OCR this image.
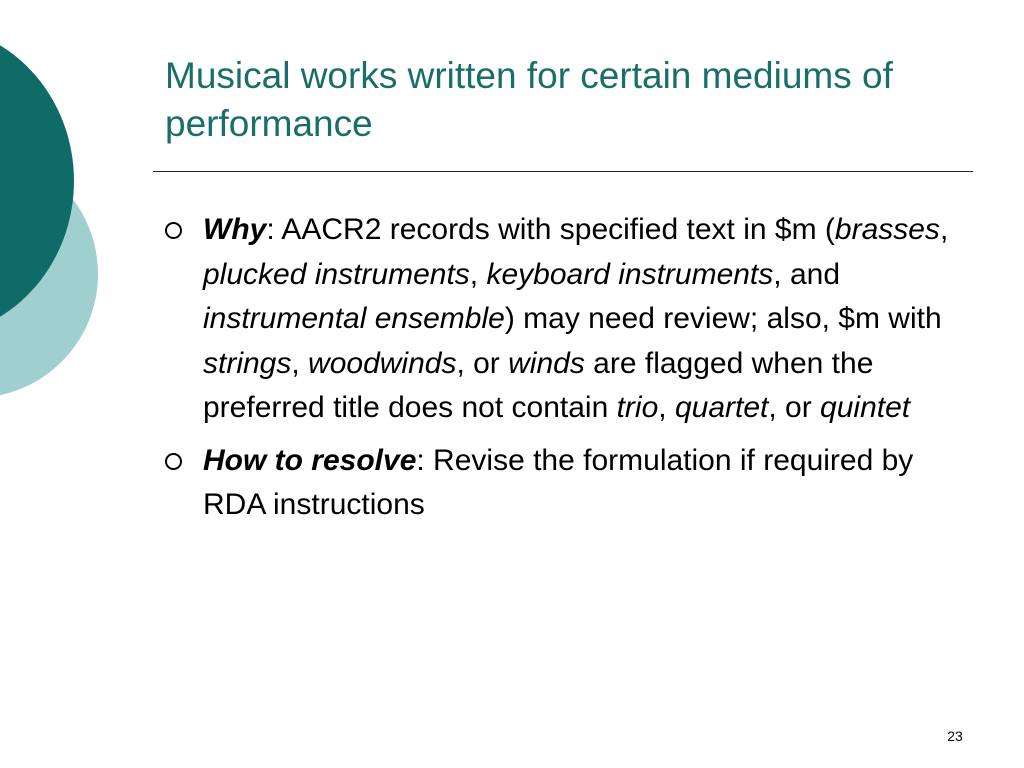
Musical works written for certain mediums of performance
Why: AACR2 records with specified text in $m (brasses, plucked instruments, keyboard instruments, and instrumental ensemble) may need review; also, $m with strings, woodwinds, or winds are flagged when the preferred title does not contain trio, quartet, or quintet
How to resolve: Revise the formulation if required by RDA instructions
23
